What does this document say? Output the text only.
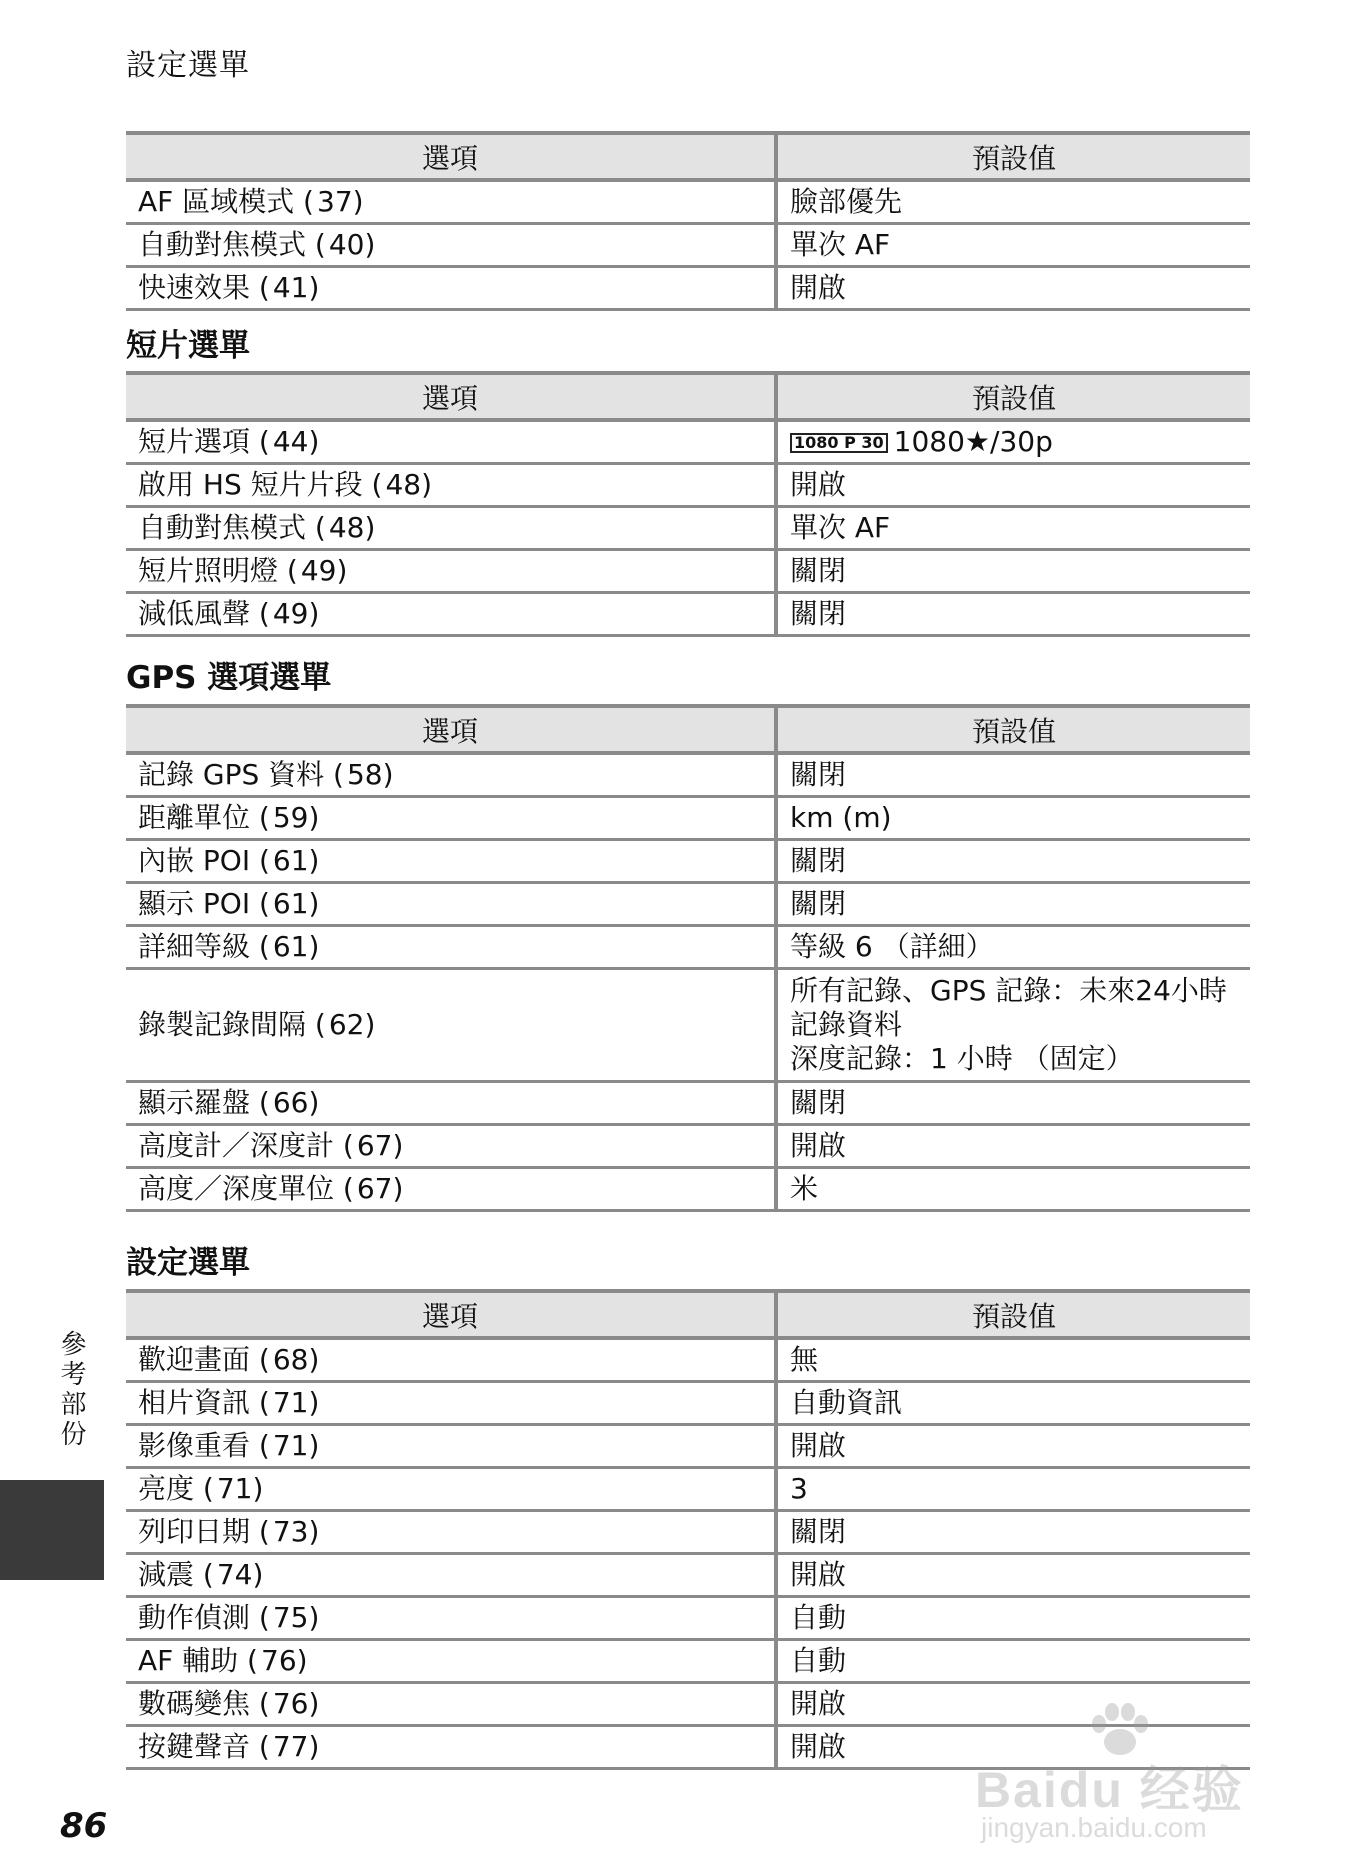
設定選單
選項	預設值
AF 區域模式 ( 37)	臉部優先
自動對焦模式 ( 40)	單次 AF
快速效果 ( 41)	開啟
短片選單
選項	預設值
短片選項 ( 44)	1080 P 30 1080★/30p
啟用 HS 短片片段 ( 48)	開啟
自動對焦模式 ( 48)	單次 AF
短片照明燈 ( 49)	關閉
減低風聲 ( 49)	關閉
GPS 選項選單
選項	預設值
記錄 GPS 資料 ( 58)	關閉
距離單位 ( 59)	km (m)
內嵌 POI ( 61)	關閉
顯示 POI ( 61)	關閉
詳細等級 ( 61)	等級 6 （詳細）
錄製記錄間隔 ( 62)	所有記錄、GPS 記錄：未來24小時
記錄資料
深度記錄：1 小時 （固定）

顯示羅盤 ( 66)	關閉
高度計／深度計 ( 67)	開啟
高度／深度單位 ( 67)	米
設定選單
選項	預設值
歡迎畫面 ( 68)	無
相片資訊 ( 71)	自動資訊
影像重看 ( 71)	開啟
亮度 ( 71)	3
列印日期 ( 73)	關閉
減震 ( 74)	開啟
動作偵測 ( 75)	自動
AF 輔助 ( 76)	自動
數碼變焦 ( 76)	開啟
按鍵聲音 ( 77)	開啟
參考部份
86
Baidu 经验
jingyan.baidu.com
